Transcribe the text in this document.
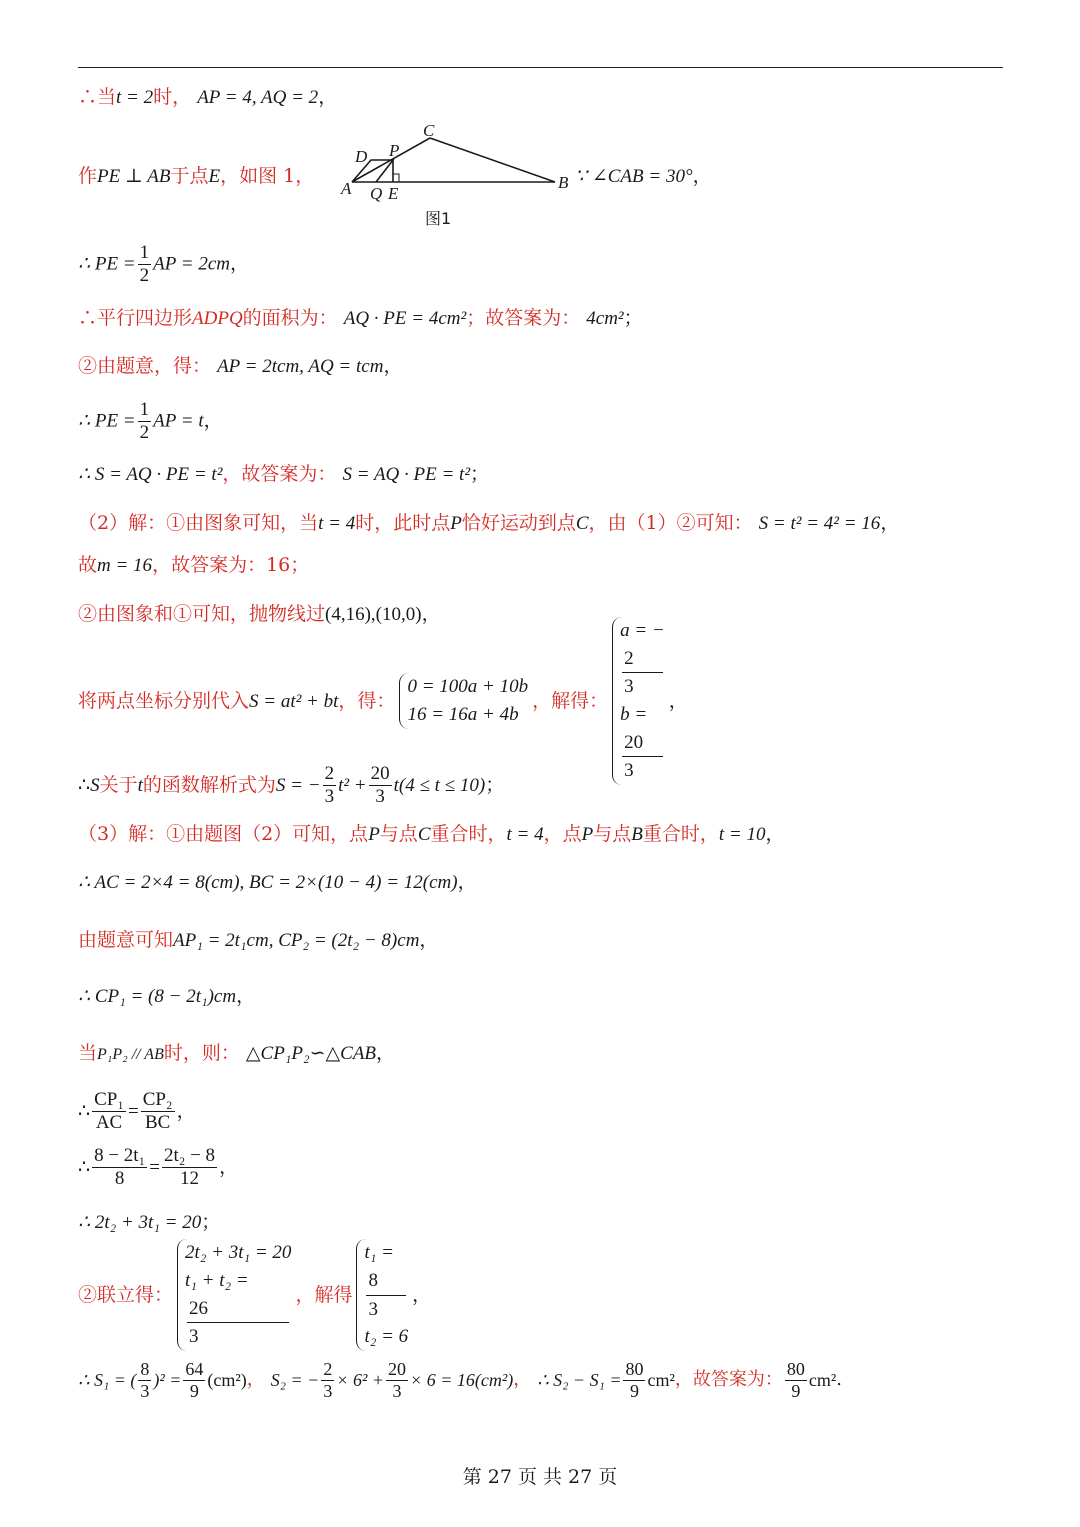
∴当t = 2时， AP = 4, AQ = 2，
作PE ⊥ AB于点E，如图 1，
C
D P
A Q E
B
图1
∵ ∠CAB = 30°，
∴ PE = $\frac{1}{2}$ AP = 2cm，
∴平行四边形ADPQ的面积为： AQ · PE = 4cm²；故答案为： 4cm²；
②由题意，得： AP = 2tcm, AQ = tcm，
∴ PE = $\frac{1}{2}$ AP = t，
∴ S = AQ · PE = t²，故答案为： S = AQ · PE = t²；
（2）解：①由图象可知，当t = 4时，此时点P恰好运动到点C，由（1）②可知： S = t² = 4² = 16，
故m = 16，故答案为：16；
②由图象和①可知，抛物线过(4,16),(10,0)，
将两点坐标分别代入 S = at² + bt ，得：
0 = 100a + 10b
16 = 16a + 4b
，解得：
a = −
2
3
b =
20
3
，
∴ S 关于 t 的函数解析式为 S = − $\frac{2}{3} t^2 + \frac{20}{3} t(4 \le t \le 10)$ ；
（3）解：①由题图（2）可知，点P与点C重合时，t = 4，点P与点B重合时，t = 10，
∴ AC = 2×4 = 8(cm), BC = 2×(10 − 4) = 12(cm)，
由题意可知AP₁ = 2t₁cm, CP₂ = (2t₂ − 8)cm，
∴ CP₁ = (8 − 2t₁)cm，
当P₁P₂ // AB时，则： △CP₁P₂∽△CAB，
∴ $\frac{\text{CP₁}}{AC} = \frac{\text{CP₂}}{BC}$ ，
∴ $\frac{\text{8 − 2t₁}}{8} = \frac{\text{2t₂ − 8}}{12}$ ，
∴ 2t₂ + 3t₁ = 20；
②联立得：
2t₂ + 3t₁ = 20
t₁ + t₂ =
26
3
，解得
t₁ =
8
3
t₂ = 6
，
∴ S₁ = ( $\frac{8}{3} )^2 = \frac{64}{9} (cm^2)$ ， S₂ = − $\frac{2}{3} \times 6^2 + \frac{20}{3} \times 6 = 16(cm^2)$ ， ∴ $S_2 - S_1 = \frac{80}{9} cm^2$ ，故答案为： $\frac{80}{9} cm^2$ .
第 27 页 共 27 页
